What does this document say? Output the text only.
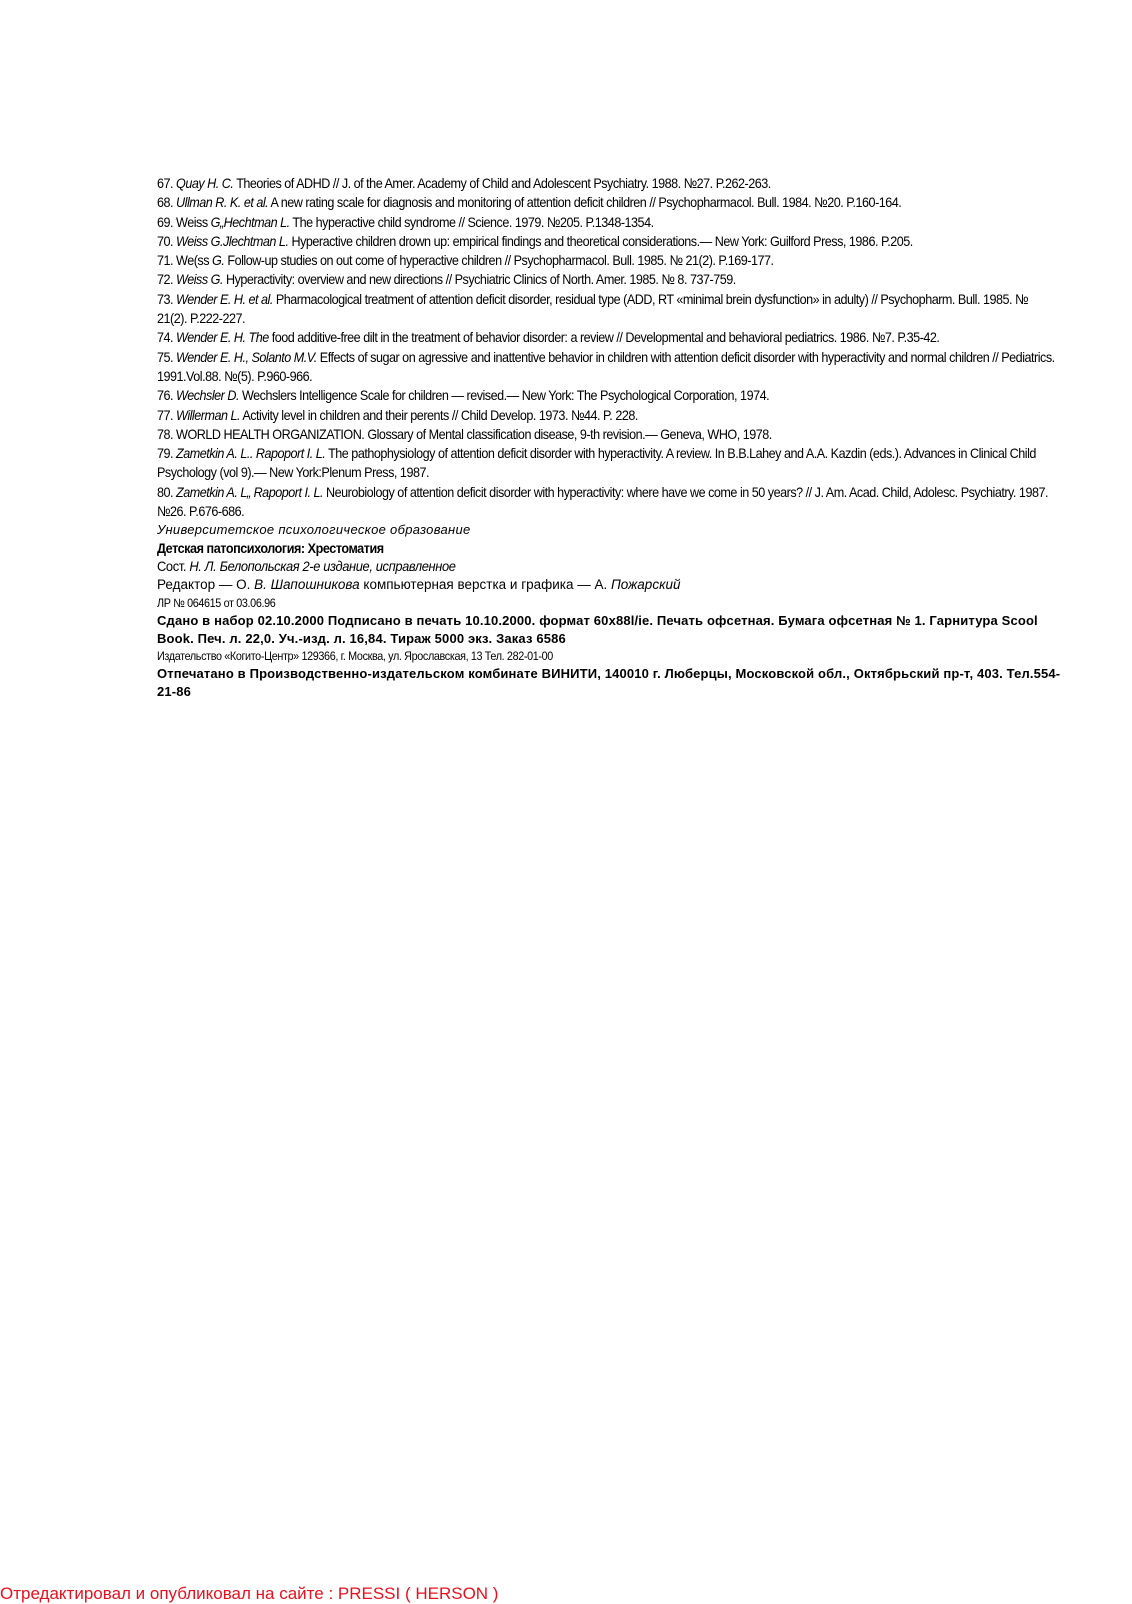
67. Quay H. C. Theories of ADHD // J. of the Amer. Academy of Child and Adolescent Psychiatry. 1988. №27. P.262-263.
68. Ullman R. K. et al. A new rating scale for diagnosis and monitoring of attention deficit children // Psychopharmacol. Bull. 1984. №20. P.160-164.
69. Weiss G„Hechtman L. The hyperactive child syndrome // Science. 1979. №205. P.1348-1354.
70. Weiss G.Jlechtman L. Hyperactive children drown up: empirical findings and theoretical considerations.— New York: Guilford Press, 1986. P.205.
71. We(ss G. Follow-up studies on out come of hyperactive children // Psychopharmacol. Bull. 1985. № 21(2). P.169-177.
72. Weiss G. Hyperactivity: overview and new directions // Psychiatric Clinics of North. Amer. 1985. № 8. 737-759.
73. Wender E. H. et al. Pharmacological treatment of attention deficit disorder, residual type (ADD, RT «minimal brein dysfunction» in adulty) // Psychopharm. Bull. 1985. № 21(2). P.222-227.
74. Wender E. H. The food additive-free dilt in the treatment of behavior disorder: a review // Developmental and behavioral pediatrics. 1986. №7. P.35-42.
75. Wender E. H., Solanto M.V. Effects of sugar on agressive and inattentive behavior in children with attention deficit disorder with hyperactivity and normal children // Pediatrics. 1991.Vol.88. №(5). P.960-966.
76. Wechsler D. Wechslers Intelligence Scale for children — revised.— New York: The Psychological Corporation, 1974.
77. Willerman L. Activity level in children and their perents // Child Develop. 1973. №44. P. 228.
78. WORLD HEALTH ORGANIZATION. Glossary of Mental classification disease, 9-th revision.— Geneva, WHO, 1978.
79. Zametkin A. L.. Rapoport I. L. The pathophysiology of attention deficit disorder with hyperactivity. A review. In B.B.Lahey and A.A. Kazdin (eds.). Advances in Clinical Child Psychology (vol 9).— New York:Plenum Press, 1987.
80. Zametkin A. L„ Rapoport I. L. Neurobiology of attention deficit disorder with hyperactivity: where have we come in 50 years? // J. Am. Acad. Child, Adolesc. Psychiatry. 1987. №26. P.676-686.
Университетское психологическое образование
Детская патопсихология: Хрестоматия
Сост. Н. Л. Белопольская 2-е издание, исправленное
Редактор — О. В. Шапошникова компьютерная верстка и графика — А. Пожарский
ЛР № 064615 от 03.06.96
Сдано в набор 02.10.2000 Подписано в печать 10.10.2000. формат 60x88l/ie. Печать офсетная. Бумага офсетная № 1. Гарнитура Scool Book. Печ. л. 22,0. Уч.-изд. л. 16,84. Тираж 5000 экз. Заказ 6586
Издательство «Когито-Центр» 129366, г. Москва, ул. Ярославская, 13 Тел. 282-01-00
Отпечатано в Производственно-издательском комбинате ВИНИТИ, 140010 г. Люберцы, Московской обл., Октябрьский пр-т, 403. Тел.554-21-86
Отредактировал и опубликовал на сайте : PRESSI ( HERSON )
